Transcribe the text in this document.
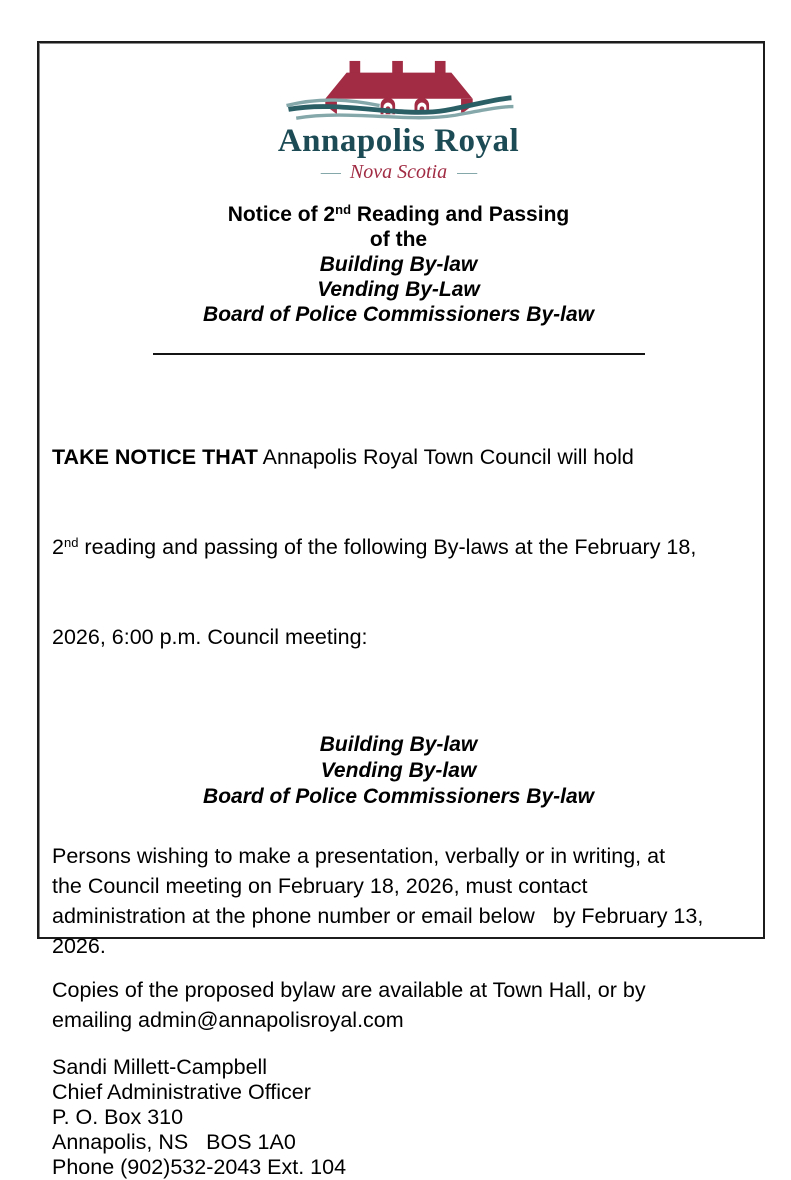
Annapolis Royal
— Nova Scotia —
Notice of 2nd Reading and Passing
of the
Building By-law
Vending By-Law
Board of Police Commissioners By-law

TAKE NOTICE THAT Annapolis Royal Town Council will hold

2nd reading and passing of the following By-laws at the February 18,

2026, 6:00 p.m. Council meeting:

Building By-law
Vending By-law
Board of Police Commissioners By-law
Persons wishing to make a presentation, verbally or in writing, at
the Council meeting on February 18, 2026, must contact
administration at the phone number or email below   by February 13,
2026.
Copies of the proposed bylaw are available at Town Hall, or by
emailing admin@annapolisroyal.com
Sandi Millett-Campbell
Chief Administrative Officer
P. O. Box 310
Annapolis, NS   BOS 1A0
Phone (902)532-2043 Ext. 104
